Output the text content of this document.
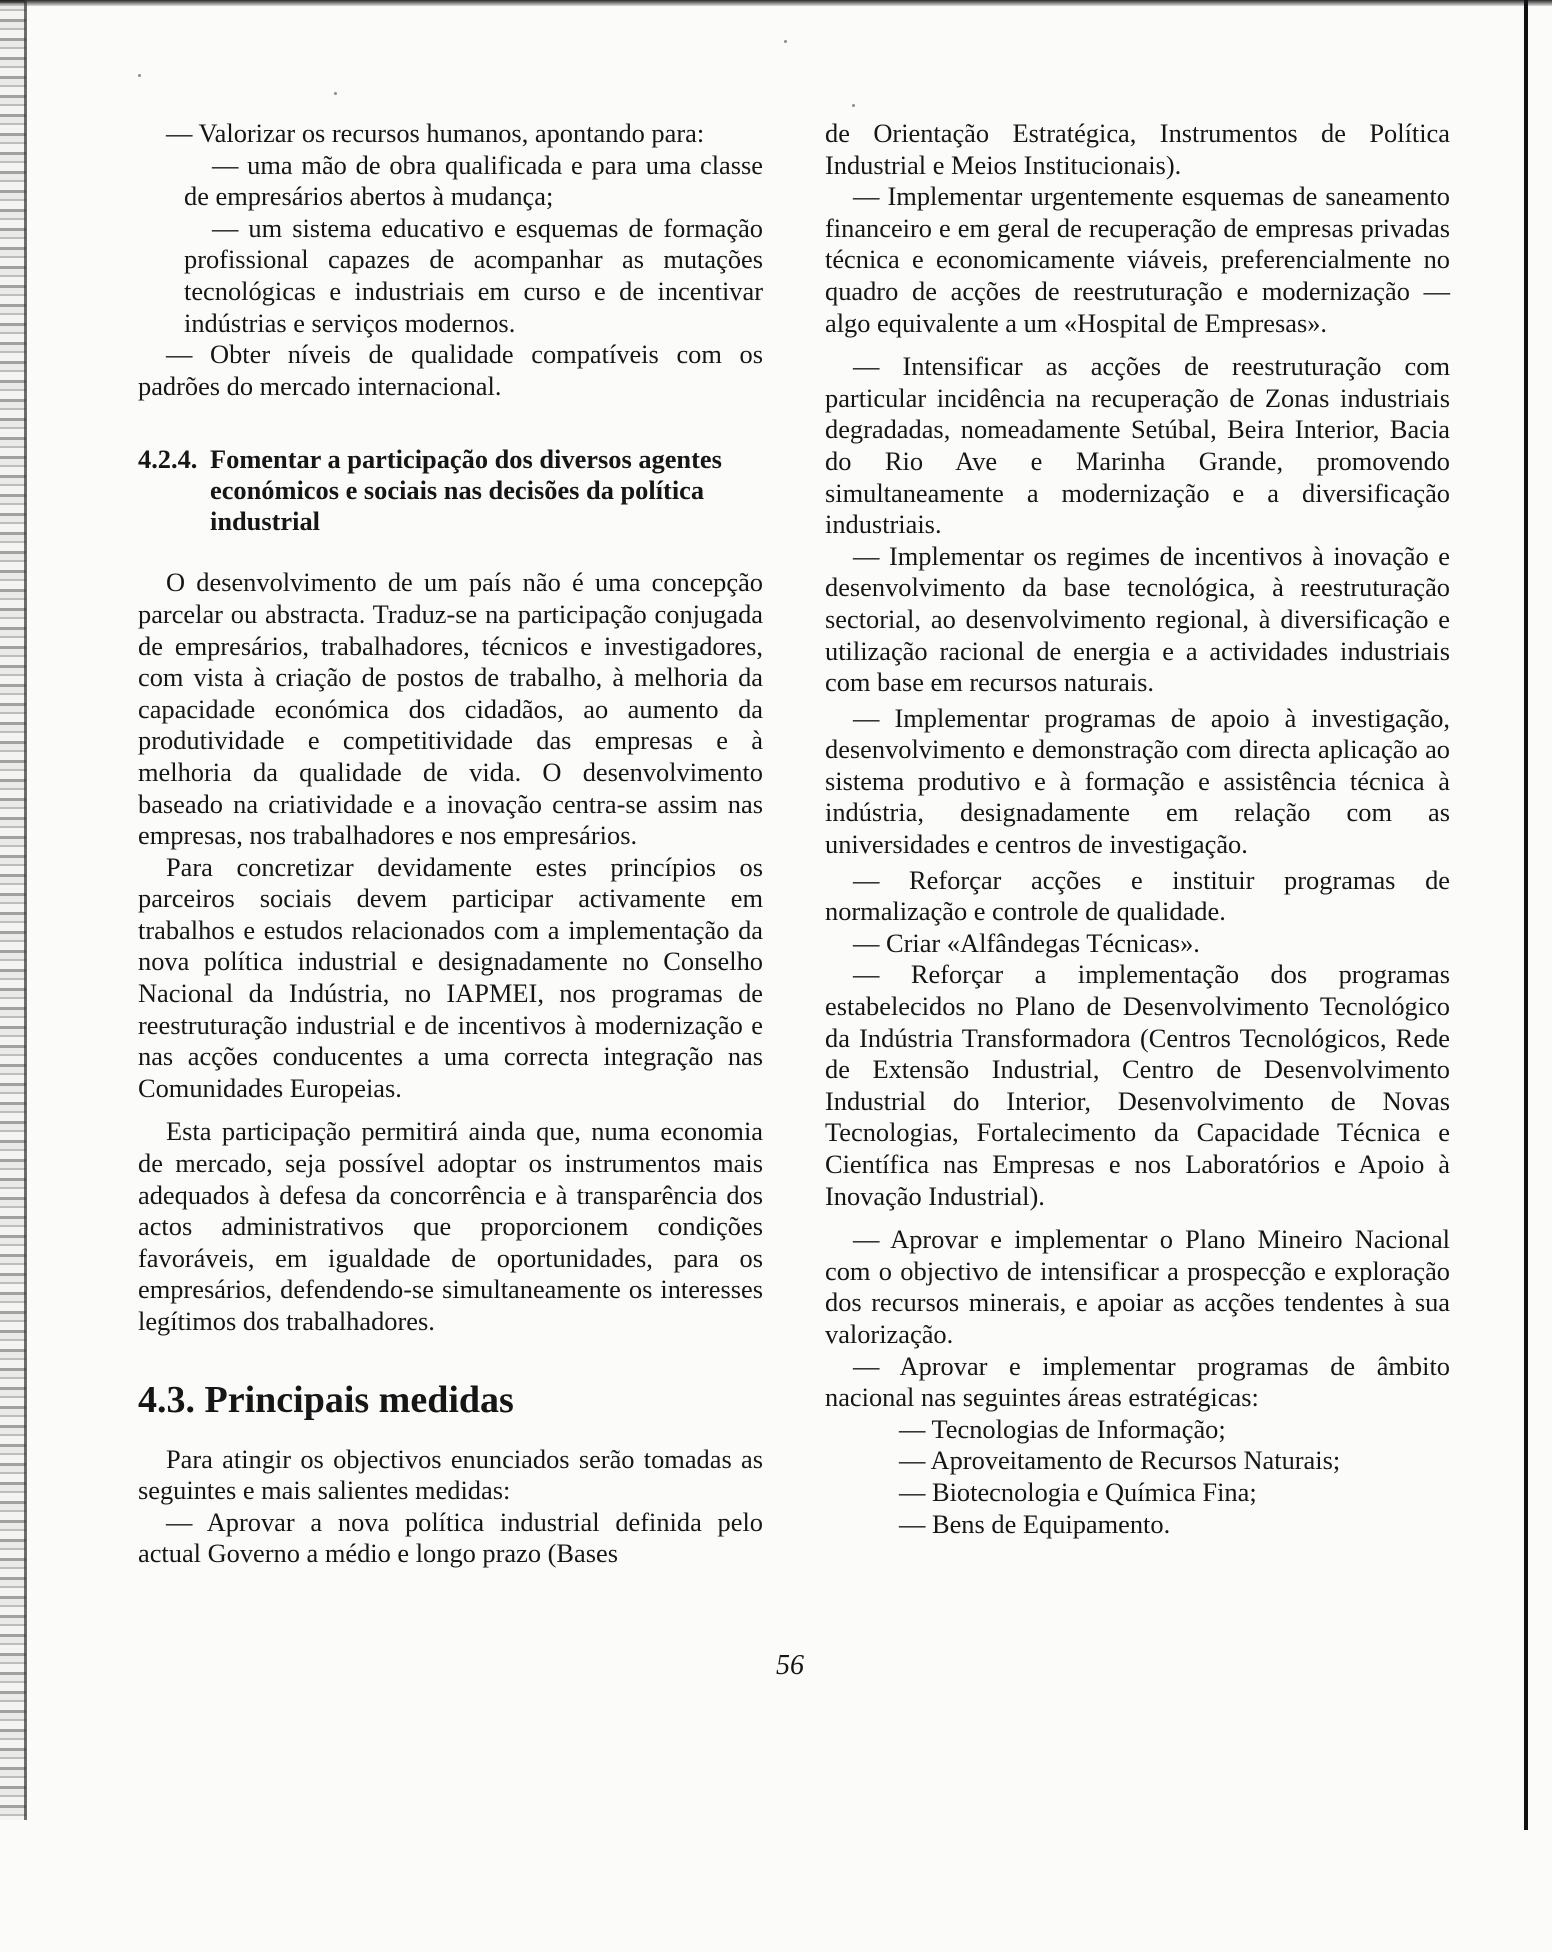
— Valorizar os recursos humanos, apontando para:

— uma mão de obra qualificada e para uma classe de empresários abertos à mudança;

— um sistema educativo e esquemas de formação profissional capazes de acompanhar as mutações tecnológicas e industriais em curso e de incentivar indústrias e serviços modernos.

— Obter níveis de qualidade compatíveis com os padrões do mercado internacional.

4.2.4. Fomentar a participação dos diversos agentes económicos e sociais nas decisões da política industrial

O desenvolvimento de um país não é uma concepção parcelar ou abstracta. Traduz-se na participação conjugada de empresários, trabalhadores, técnicos e investigadores, com vista à criação de postos de trabalho, à melhoria da capacidade económica dos cidadãos, ao aumento da produtividade e competitividade das empresas e à melhoria da qualidade de vida. O desenvolvimento baseado na criatividade e a inovação centra-se assim nas empresas, nos trabalhadores e nos empresários.

Para concretizar devidamente estes princípios os parceiros sociais devem participar activamente em trabalhos e estudos relacionados com a implementação da nova política industrial e designadamente no Conselho Nacional da Indústria, no IAPMEI, nos programas de reestruturação industrial e de incentivos à modernização e nas acções conducentes a uma correcta integração nas Comunidades Europeias.

Esta participação permitirá ainda que, numa economia de mercado, seja possível adoptar os instrumentos mais adequados à defesa da concorrência e à transparência dos actos administrativos que proporcionem condições favoráveis, em igualdade de oportunidades, para os empresários, defendendo-se simultaneamente os interesses legítimos dos trabalhadores.

4.3. Principais medidas

Para atingir os objectivos enunciados serão tomadas as seguintes e mais salientes medidas:

— Aprovar a nova política industrial definida pelo actual Governo a médio e longo prazo (Bases

de Orientação Estratégica, Instrumentos de Política Industrial e Meios Institucionais).

— Implementar urgentemente esquemas de saneamento financeiro e em geral de recuperação de empresas privadas técnica e economicamente viáveis, preferencialmente no quadro de acções de reestruturação e modernização — algo equivalente a um «Hospital de Empresas».

— Intensificar as acções de reestruturação com particular incidência na recuperação de Zonas industriais degradadas, nomeadamente Setúbal, Beira Interior, Bacia do Rio Ave e Marinha Grande, promovendo simultaneamente a modernização e a diversificação industriais.

— Implementar os regimes de incentivos à inovação e desenvolvimento da base tecnológica, à reestruturação sectorial, ao desenvolvimento regional, à diversificação e utilização racional de energia e a actividades industriais com base em recursos naturais.

— Implementar programas de apoio à investigação, desenvolvimento e demonstração com directa aplicação ao sistema produtivo e à formação e assistência técnica à indústria, designadamente em relação com as universidades e centros de investigação.

— Reforçar acções e instituir programas de normalização e controle de qualidade.

— Criar «Alfândegas Técnicas».

— Reforçar a implementação dos programas estabelecidos no Plano de Desenvolvimento Tecnológico da Indústria Transformadora (Centros Tecnológicos, Rede de Extensão Industrial, Centro de Desenvolvimento Industrial do Interior, Desenvolvimento de Novas Tecnologias, Fortalecimento da Capacidade Técnica e Científica nas Empresas e nos Laboratórios e Apoio à Inovação Industrial).

— Aprovar e implementar o Plano Mineiro Nacional com o objectivo de intensificar a prospecção e exploração dos recursos minerais, e apoiar as acções tendentes à sua valorização.

— Aprovar e implementar programas de âmbito nacional nas seguintes áreas estratégicas:

— Tecnologias de Informação;

— Aproveitamento de Recursos Naturais;

— Biotecnologia e Química Fina;

— Bens de Equipamento.

56
